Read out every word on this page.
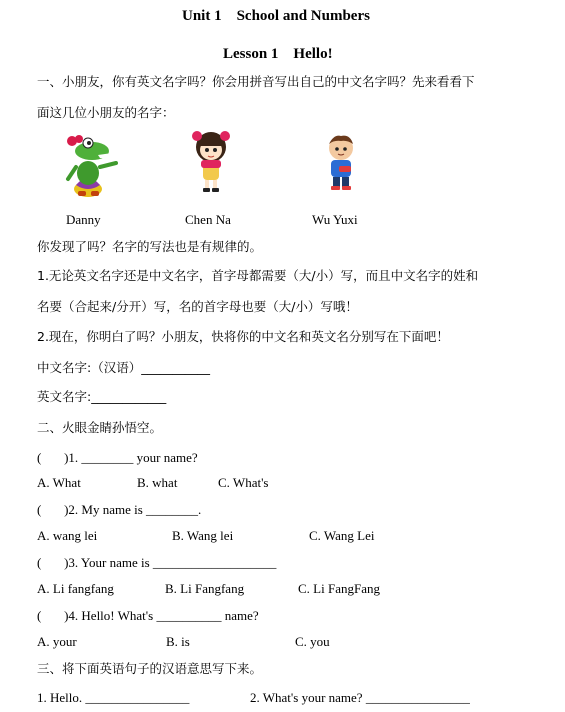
Unit 1    School and Numbers
Lesson 1    Hello!
一、小朋友，你有英文名字吗？你会用拼音写出自己的中文名字吗？先来看看下
面这几位小朋友的名字：
Danny	Chen Na	Wu Yuxi
你发现了吗？名字的写法也是有规律的。
1.无论英文名字还是中文名字，首字母都需要（大/小）写，而且中文名字的姓和
名要（合起来/分开）写，名的首字母也要（大/小）写哦！
2.现在，你明白了吗？小朋友，快将你的中文名和英文名分别写在下面吧！
中文名字:（汉语）___________
英文名字:____________
二、火眼金睛孙悟空。
(       )1. ________ your name?
A. What	B. what	C. What's
(       )2. My name is ________.
A. wang lei	B. Wang lei	C. Wang Lei
(       )3. Your name is ___________________
A. Li fangfang	B. Li Fangfang	C. Li FangFang
(       )4. Hello! What's __________ name?
A. your	B. is	C. you
三、将下面英语句子的汉语意思写下来。
1. Hello. ________________	2. What's your name? ________________
